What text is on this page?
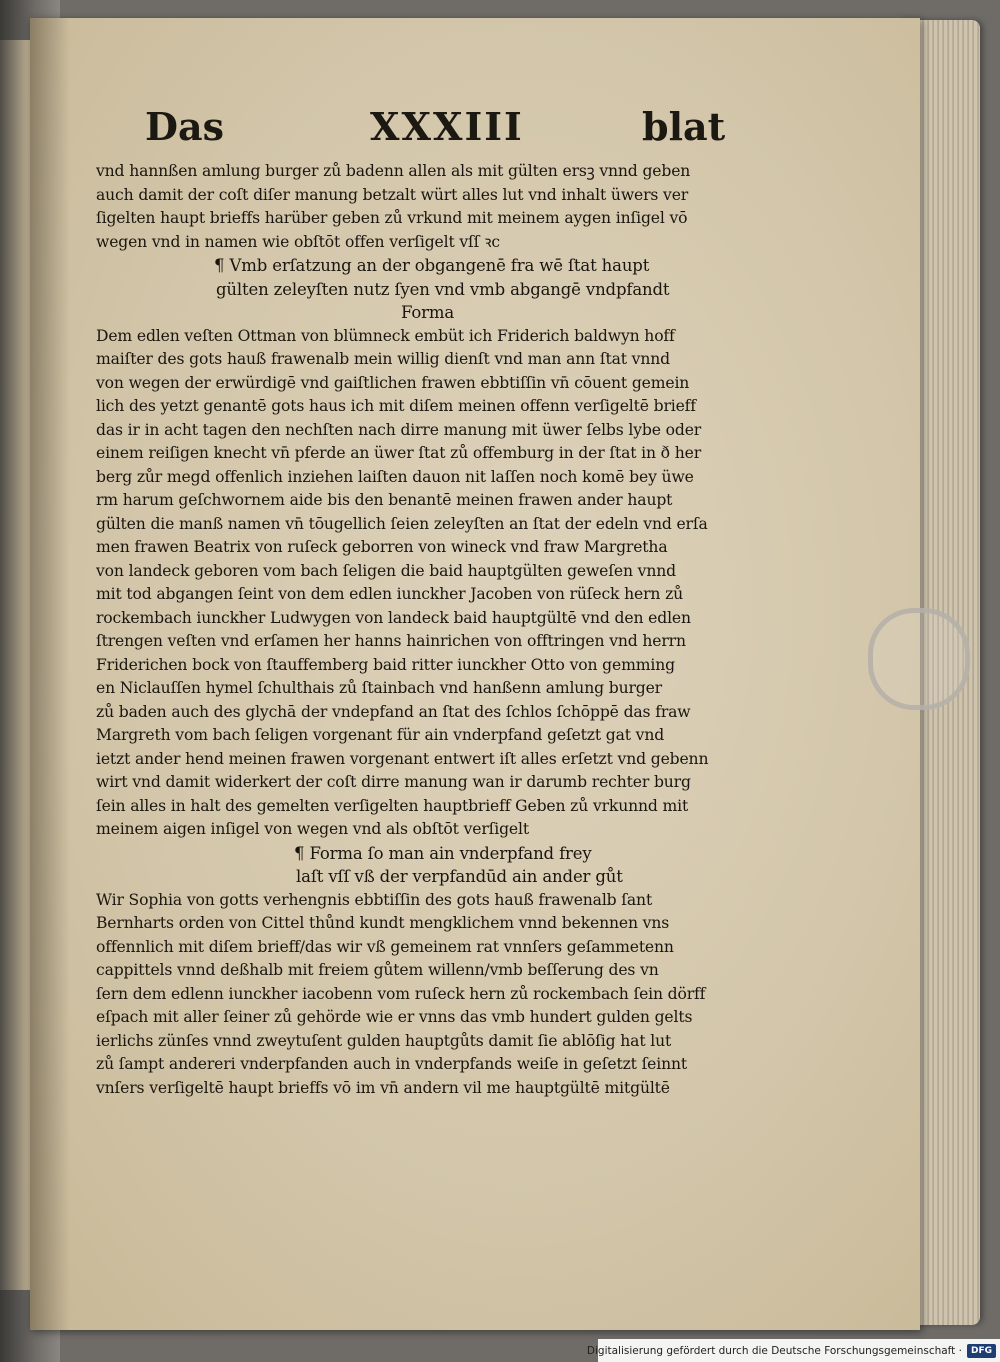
Das	XXXIII	blat
vnd hannßen amlung burger zů badenn allen als mit gülten ersꝫ vnnd geben
auch damit der coſt diſer manung betzalt würt alles lut vnd inhalt üwers ver
ſigelten haupt brieffs harüber geben zů vrkund mit meinem aygen inſigel vō
wegen vnd in namen wie obſtōt offen verſigelt vſſ ꝛc
¶ Vmb erſatzung an der obgangenē fra wē ſtat haupt
gülten zeleyſten nutz ſyen vnd vmb abgangē vndpfandt
Forma
Dem edlen veſten Ottman von blümneck embüt ich Friderich baldwyn hoff
maiſter des gots hauß frawenalb mein willig dienſt vnd man ann ſtat vnnd
von wegen der erwürdigē vnd gaiſtlichen frawen ebbtiſſin vn̄ cōuent gemein
lich des yetzt genantē gots haus ich mit diſem meinen offenn verſigeltē brieff
das ir in acht tagen den nechſten nach dirre manung mit üwer ſelbs lybe oder
einem reiſigen knecht vn̄ pferde an üwer ſtat zů offemburg in der ſtat in ð her
berg zůr megd offenlich inziehen laiſten dauon nit laſſen noch komē bey üwe
rm harum geſchwornem aide bis den benantē meinen frawen ander haupt
gülten die manß namen vn̄ tōugellich ſeien zeleyſten an ſtat der edeln vnd erſa
men frawen Beatrix von ruſeck geborren von wineck vnd fraw Margretha
von landeck geboren vom bach ſeligen die baid hauptgülten geweſen vnnd
mit tod abgangen ſeint von dem edlen iunckher Jacoben von rüſeck hern zů
rockembach iunckher Ludwygen von landeck baid hauptgültē vnd den edlen
ſtrengen veſten vnd erſamen her hanns hainrichen von offtringen vnd herrn
Friderichen bock von ſtauffemberg baid ritter iunckher Otto von gemming
en Niclauſſen hymel ſchulthais zů ſtainbach vnd hanßenn amlung burger
zů baden auch des glychā der vndepfand an ſtat des ſchlos ſchōppē das fraw
Margreth vom bach ſeligen vorgenant für ain vnderpfand geſetzt gat vnd
ietzt ander hend meinen frawen vorgenant entwert iſt alles erſetzt vnd gebenn
wirt vnd damit widerkert der coſt dirre manung wan ir darumb rechter burg
ſein alles in halt des gemelten verſigelten hauptbrieff Geben zů vrkunnd mit
meinem aigen inſigel von wegen vnd als obſtōt verſigelt
¶ Forma ſo man ain vnderpfand frey
laſt vſſ vß der verpfandūd ain ander gůt
Wir Sophia von gotts verhengnis ebbtiſſin des gots hauß frawenalb ſant
Bernharts orden von Cittel thůnd kundt mengklichem vnnd bekennen vns
offennlich mit diſem brieff/das wir vß gemeinem rat vnnſers geſammetenn
cappittels vnnd deßhalb mit freiem gůtem willenn/vmb beſſerung des vn
ſern dem edlenn iunckher iacobenn vom ruſeck hern zů rockembach ſein dörff
eſpach mit aller ſeiner zů gehörde wie er vnns das vmb hundert gulden gelts
ierlichs zünſes vnnd zweytuſent gulden hauptgůts damit ſie ablōſig hat lut
zů ſampt andereri vnderpfanden auch in vnderpfands weiſe in geſetzt ſeinnt
vnſers verſigeltē haupt brieffs vō im vn̄ andern vil me hauptgültē mitgültē
Digitalisierung gefördert durch die Deutsche Forschungsgemeinschaft ·	DFG
